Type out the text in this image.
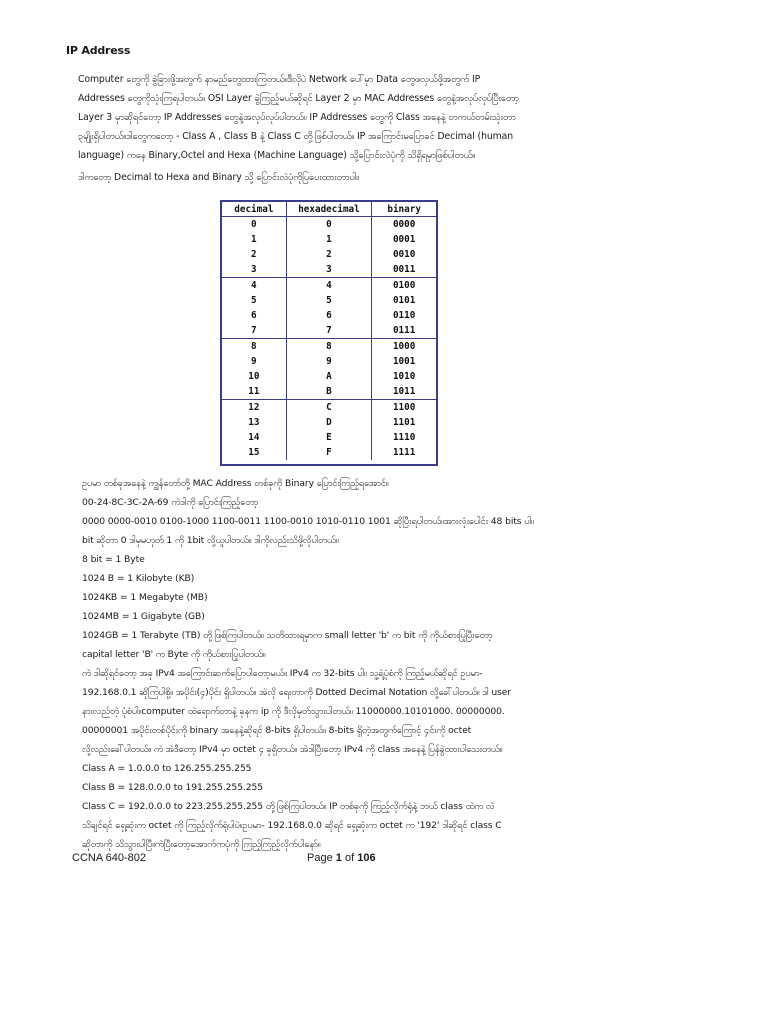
IP Address
Computer တွေကို ခွဲခြားဖို့အတွက် နာမည်တွေထားကြတယ်။ဒီလိုပဲ Network ပေါ်မှာ Data တွေဖလှယ်ဖို့အတွက် IP
Addresses တွေကိုသုံးကြရပါတယ်။ OSI Layer ခွဲကြည့်မယ်ဆိုရင် Layer 2 မှာ MAC Addresses တွေနဲ့အလုပ်လုပ်ပြီးတော့
Layer 3 မှာဆိုရင်တော့ IP Addresses တွေနဲ့အလုပ်လုပ်ပါတယ်။ IP Addresses တွေကို Class အနေနဲ့ တကယ်တမ်းသုံးတာ
၃မျိုးရှိပါတယ်။ဒါတွေကတော့ - Class A , Class B နဲ့ Class C တို့ဖြစ်ပါတယ်။ IP အကြောင်းမပြောခင် Decimal (human
language) ကနေ Binary,Octel and Hexa (Machine Language) သို့ပြောင်းလဲပုံကို သိရှိရမှာဖြစ်ပါတယ်။
ဒါကတော့ Decimal to Hexa and Binary သို့ ပြောင်းလဲပုံကိုပြပေးထားတာပါ။
decimal	hexadecimal	binary
0	0	0000
1	1	0001
2	2	0010
3	3	0011
4	4	0100
5	5	0101
6	6	0110
7	7	0111
8	8	1000
9	9	1001
10	A	1010
11	B	1011
12	C	1100
13	D	1101
14	E	1110
15	F	1111
ဥပမာ တစ်ခုအနေနဲ့ ကျွန်တော်တို့ MAC Address တစ်ခုကို Binary ပြောင်းကြည့်ရအောင်။
00-24-8C-3C-2A-69 ကဲဒါကို ပြောင်းကြည့်တော့
0000 0000-0010 0100-1000 1100-0011 1100-0010 1010-0110 1001 ဆိုပြီးရပါတယ်။အားလုံးပေါင်း 48 bits ပါ။
bit ဆိုတာ 0 ဒါမှမဟုတ် 1 ကို 1bit လို့ယူပါတယ်။ ဒါကိုလည်းသိဖို့လိုပါတယ်။
8 bit = 1 Byte
1024 B = 1 Kilobyte (KB)
1024KB = 1 Megabyte (MB)
1024MB = 1 Gigabyte (GB)
1024GB = 1 Terabyte (TB) တို့ဖြစ်ကြပါတယ်။ သတိထားရမှာက small letter 'b' က bit ကို ကိုယ်စားပြုပြီးတော့
capital letter 'B' က Byte ကို ကိုယ်စားပြုပါတယ်။
ကဲ ဒါဆိုရင်တော့ အခု IPv4 အကြောင်းဆက်ပြောပါတော့မယ်။ IPv4 က 32-bits ပါ။ သူ့ရဲ့ပုံစံကို ကြည့်မယ်ဆိုရင် ဥပမာ-
192.168.0.1 ဆိုကြပါစို့။ အပိုင်း(၄)ပိုင်း ရှိပါတယ်။ အဲလို ရေးတာကို Dotted Decimal Notation လို့ခေါ်ပါတယ်။ ဒါ user
နားလည်တဲ့ ပုံစံပါ။computer ထဲရောက်တာနဲ့ ခုနက ip ကို ဒီလိုမှတ်သွားပါတယ်။ 11000000.10101000. 00000000.
00000001 အပိုင်းတစ်ပိုင်းကို binary အနေနဲ့ဆိုရင် 8-bits ရှိပါတယ်။ 8-bits ရှိတဲ့အတွက်ကြောင့် ၄င်းကို octet
လို့လည်းခေါ်ပါတယ်။ ကဲ အဲဒီတော့ IPv4 မှာ octet ၄ ခုရှိတယ်။ အဲဒါပြီးတော့ IPv4 ကို class အနေနဲ့ ပြန်ခွဲထားပါသေးတယ်။
Class A = 1.0.0.0 to 126.255.255.255
Class B = 128.0.0.0 to 191.255.255.255
Class C = 192.0.0.0 to 223.255.255.255 တို့ဖြစ်ကြပါတယ်။ IP တစ်ခုကို ကြည့်လိုက်ရုံနဲ့ ဘယ် class ထဲက လဲ
သိချင်ရင် ရှေ့ဆုံးက octet ကို ကြည့်လိုက်ရုံပါပဲ။ဥပမာ- 192.168.0.0 ဆိုရင် ရှေ့ဆုံးက octet က '192' ဒါဆိုရင် class C
ဆိုတာကို သိသွားပါပြီ။ကဲပြီးတော့အောက်ကပုံကို ကြည့်ကြည့်လိုက်ပါနော်။
CCNA 640-802	Page 1 of 106
